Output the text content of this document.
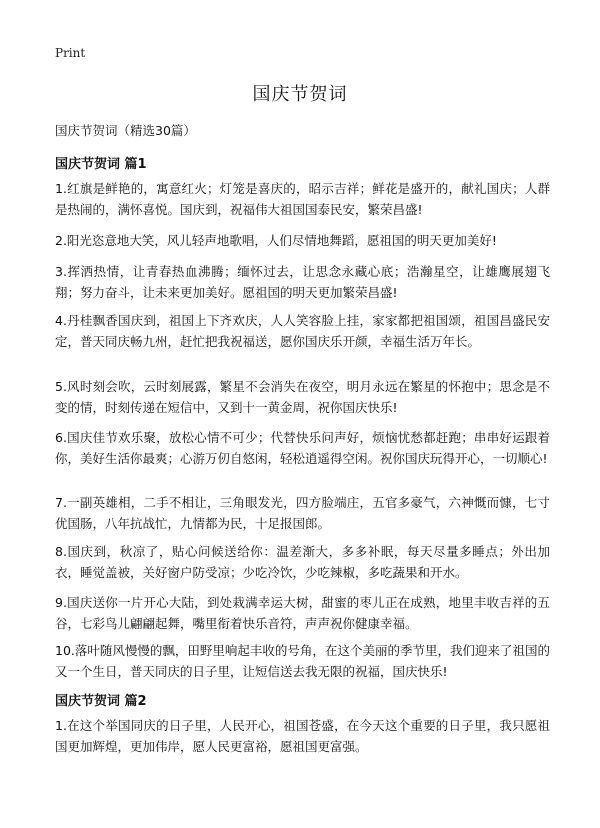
Print
国庆节贺词
国庆节贺词（精选30篇）
国庆节贺词 篇1

1.红旗是鲜艳的，寓意红火；灯笼是喜庆的，昭示吉祥；鲜花是盛开的，献礼国庆；人群是热闹的，满怀喜悦。国庆到，祝福伟大祖国国泰民安，繁荣昌盛!

2.阳光恣意地大笑，风儿轻声地歌唱，人们尽情地舞蹈，愿祖国的明天更加美好!

3.挥洒热情，让青春热血沸腾；缅怀过去，让思念永藏心底；浩瀚星空，让雄鹰展翅飞翔；努力奋斗，让未来更加美好。愿祖国的明天更加繁荣昌盛!

4.丹桂飘香国庆到，祖国上下齐欢庆，人人笑容脸上挂，家家都把祖国颂，祖国昌盛民安定，普天同庆畅九州，赶忙把我祝福送，愿你国庆乐开颜，幸福生活万年长。

5.风时刻会吹，云时刻展露，繁星不会消失在夜空，明月永远在繁星的怀抱中；思念是不变的情，时刻传递在短信中，又到十一黄金周，祝你国庆快乐!

6.国庆佳节欢乐聚，放松心情不可少；代替快乐问声好，烦恼忧愁都赶跑；串串好运跟着你，美好生活你最爽；心游万仞自悠闲，轻松逍遥得空闲。祝你国庆玩得开心，一切顺心!

7.一副英雄相，二手不相让，三角眼发光，四方脸端庄，五官多豪气，六神慨而慷，七寸优国肠，八年抗战忙，九情都为民，十足报国郎。

8.国庆到，秋凉了，贴心问候送给你：温差渐大，多多补眠，每天尽量多睡点；外出加衣，睡觉盖被，关好窗户防受凉；少吃冷饮，少吃辣椒，多吃蔬果和开水。

9.国庆送你一片开心大陆，到处栽满幸运大树，甜蜜的枣儿正在成熟，地里丰收吉祥的五谷，七彩鸟儿翩翩起舞，嘴里衔着快乐音符，声声祝你健康幸福。

10.落叶随风慢慢的飘，田野里响起丰收的号角，在这个美丽的季节里，我们迎来了祖国的又一个生日，普天同庆的日子里，让短信送去我无限的祝福，国庆快乐!

国庆节贺词 篇2

1.在这个举国同庆的日子里，人民开心，祖国苍盛，在今天这个重要的日子里，我只愿祖国更加辉煌，更加伟岸，愿人民更富裕，愿祖国更富强。
